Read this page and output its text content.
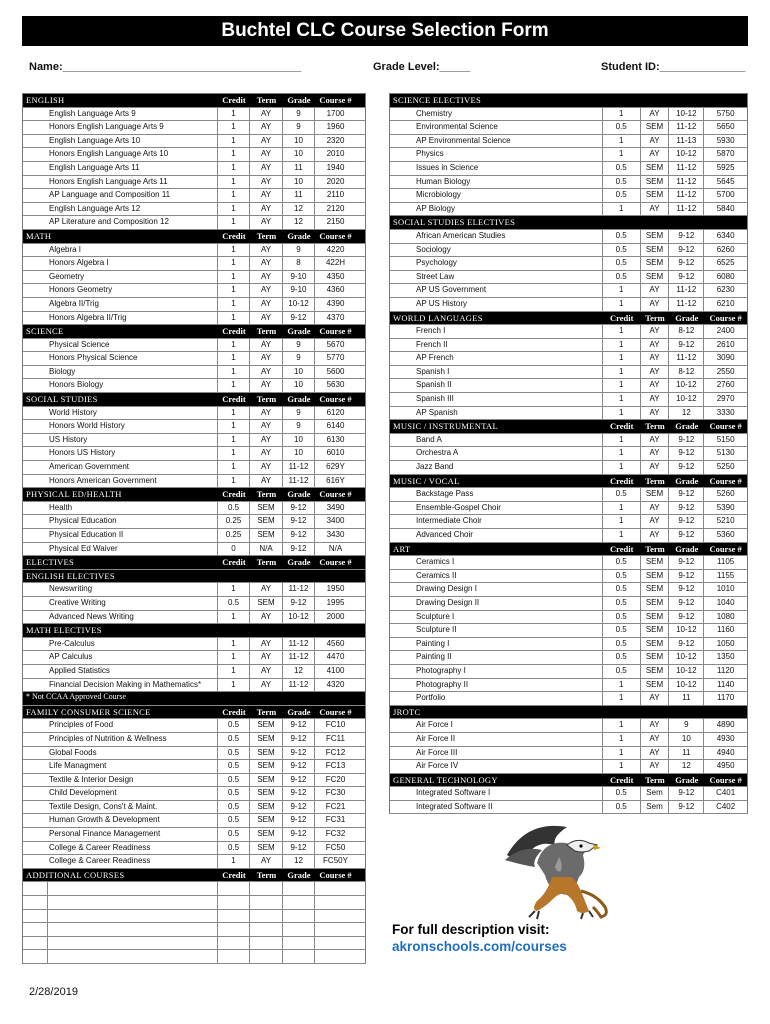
Buchtel CLC Course Selection Form
Name:_______________________________________	Grade Level:_____	Student ID:______________
ENGLISH	Credit	Term	Grade	Course #
English Language Arts 9	1	AY	9	1700
Honors English Language Arts 9	1	AY	9	1960
English Language Arts 10	1	AY	10	2320
Honors English Language Arts 10	1	AY	10	2010
English Language Arts 11	1	AY	11	1940
Honors English Language Arts 11	1	AY	10	2020
AP Language and Composition 11	1	AY	11	2110
English Language Arts 12	1	AY	12	2120
AP Literature and Composition 12	1	AY	12	2150
MATH	Credit	Term	Grade	Course #
Algebra I	1	AY	9	4220
Honors Algebra I	1	AY	8	422H
Geometry	1	AY	9-10	4350
Honors Geometry	1	AY	9-10	4360
Algebra II/Trig	1	AY	10-12	4390
Honors Algebra II/Trig	1	AY	9-12	4370
SCIENCE	Credit	Term	Grade	Course #
Physical Science	1	AY	9	5670
Honors Physical Science	1	AY	9	5770
Biology	1	AY	10	5600
Honors Biology	1	AY	10	5630
SOCIAL STUDIES	Credit	Term	Grade	Course #
World History	1	AY	9	6120
Honors World History	1	AY	9	6140
US History	1	AY	10	6130
Honors US History	1	AY	10	6010
American Government	1	AY	11-12	629Y
Honors American Government	1	AY	11-12	616Y
PHYSICAL ED/HEALTH	Credit	Term	Grade	Course #
Health	0.5	SEM	9-12	3490
Physical Education	0.25	SEM	9-12	3400
Physical Education II	0.25	SEM	9-12	3430
Physical Ed Waiver	0	N/A	9-12	N/A
ELECTIVES	Credit	Term	Grade	Course #
ENGLISH ELECTIVES
Newswriting	1	AY	11-12	1950
Creative Writing	0.5	SEM	9-12	1995
Advanced News Writing	1	AY	10-12	2000
MATH ELECTIVES
Pre-Calculus	1	AY	11-12	4560
AP Calculus	1	AY	11-12	4470
Applied Statistics	1	AY	12	4100
Financial Decision Making in Mathematics*	1	AY	11-12	4320
* Not CCAA Approved Course
FAMILY CONSUMER SCIENCE	Credit	Term	Grade	Course #
Principles of Food	0.5	SEM	9-12	FC10
Principles of Nutrition & Wellness	0.5	SEM	9-12	FC11
Global Foods	0.5	SEM	9-12	FC12
Life Managment	0.5	SEM	9-12	FC13
Textile & Interior Design	0.5	SEM	9-12	FC20
Child Development	0.5	SEM	9-12	FC30
Textile Design, Cons't & Maint.	0.5	SEM	9-12	FC21
Human Growth & Development	0.5	SEM	9-12	FC31
Personal Finance Management	0.5	SEM	9-12	FC32
College & Career Readiness	0.5	SEM	9-12	FC50
College & Career Readiness	1	AY	12	FC50Y
ADDITIONAL COURSES	Credit	Term	Grade	Course #
SCIENCE ELECTIVES
Chemistry	1	AY	10-12	5750
Environmental Science	0.5	SEM	11-12	5650
AP Environmental Science	1	AY	11-13	5930
Physics	1	AY	10-12	5870
Issues in Science	0.5	SEM	11-12	5925
Human Biology	0.5	SEM	11-12	5645
Microbiology	0.5	SEM	11-12	5700
AP Biology	1	AY	11-12	5840
SOCIAL STUDIES ELECTIVES
African American Studies	0.5	SEM	9-12	6340
Sociology	0.5	SEM	9-12	6260
Psychology	0.5	SEM	9-12	6525
Street Law	0.5	SEM	9-12	6080
AP US Government	1	AY	11-12	6230
AP US History	1	AY	11-12	6210
WORLD LANGUAGES	Credit	Term	Grade	Course #
French I	1	AY	8-12	2400
French II	1	AY	9-12	2610
AP French	1	AY	11-12	3090
Spanish I	1	AY	8-12	2550
Spanish II	1	AY	10-12	2760
Spanish III	1	AY	10-12	2970
AP Spanish	1	AY	12	3330
MUSIC / INSTRUMENTAL	Credit	Term	Grade	Course #
Band A	1	AY	9-12	5150
Orchestra A	1	AY	9-12	5130
Jazz Band	1	AY	9-12	5250
MUSIC / VOCAL	Credit	Term	Grade	Course #
Backstage Pass	0.5	SEM	9-12	5260
Ensemble-Gospel Choir	1	AY	9-12	5390
Intermediate Choir	1	AY	9-12	5210
Advanced Choir	1	AY	9-12	5360
ART	Credit	Term	Grade	Course #
Ceramics I	0.5	SEM	9-12	1105
Ceramics II	0.5	SEM	9-12	1155
Drawing Design I	0.5	SEM	9-12	1010
Drawing Design II	0.5	SEM	9-12	1040
Sculpture I	0.5	SEM	9-12	1080
Sculpture II	0.5	SEM	10-12	1160
Painting I	0.5	SEM	9-12	1050
Painting II	0.5	SEM	10-12	1350
Photography I	0.5	SEM	10-12	1120
Photography II	1	SEM	10-12	1140
Portfolio	1	AY	11	1170
JROTC
Air Force I	1	AY	9	4890
Air Force II	1	AY	10	4930
Air Force III	1	AY	11	4940
Air Force IV	1	AY	12	4950
GENERAL TECHNOLOGY	Credit	Term	Grade	Course #
Integrated Software I	0.5	Sem	9-12	C401
Integrated Software II	0.5	Sem	9-12	C402
For full description visit:
akronschools.com/courses
2/28/2019
